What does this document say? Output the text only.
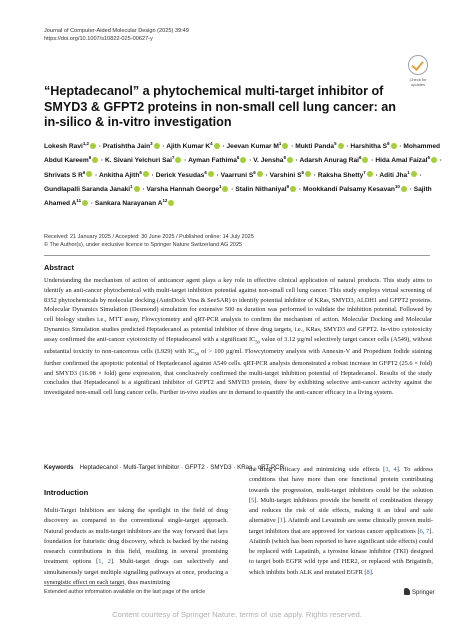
Journal of Computer-Aided Molecular Design (2025) 39:49
https://doi.org/10.1007/s10822-025-00627-y
Check for updates
“Heptadecanol” a phytochemical multi-target inhibitor of SMYD3 & GFPT2 proteins in non-small cell lung cancer: an in-silico & in-vitro investigation
Lokesh Ravi$^{1,2}$ · Pratishtha Jain$^3$ · Ajith Kumar $K^4$ · Jeevan Kumar $M^1$ · Mukti Panda$^5$ · Harshitha $S^6$ · Mohammed Abdul Kareem$^6$ · K. Sivani Yelchuri Sai$^7$ · Ayman Fathima$^6$ · V. Jensha$^8$ · Adarsh Anurag Rai$^6$ · Hida Amal Faizal$^6$ · Shrivats S $R^6$ · Ankitha Ajith$^6$ · Derick Yesudas$^6$ · Vaarruni $S^6$ · Varshini $S^6$ · Raksha Shetty$^7$ · Aditi Jha$^1$ · Gundlapalli Saranda Janaki$^1$ · Varsha Hannah George$^1$ · Stalin Nithaniyal$^9$ · Mookkandi Palsamy Kesavan$^{10}$ · Sajith Ahamed $A^{11}$ · Sankara Narayanan $A^{12}$
Received: 21 January 2025 / Accepted: 30 June 2025 / Published online: 14 July 2025
© The Author(s), under exclusive licence to Springer Nature Switzerland AG 2025
Abstract
Understanding the mechanism of action of anticancer agent plays a key role in effective clinical application of natural products. This study aims to identify an anti-cancer phytochemical with multi-target inhibition potential against non-small cell lung cancer. This study employs virtual screening of 8352 phytochemicals by molecular docking (AutoDock Vina & SeeSAR) to identify potential inhibitor of KRas, SMYD3, ALDH1 and GFPT2 proteins. Molecular Dynamics Simulation (Desmond) simulation for extensive 500 ns duration was performed to validate the inhibition potential. Followed by cell biology studies i.e., MTT assay, Flowcytometry and qRT-PCR analysis to confirm the mechanism of action. Molecular Docking and Molecular Dynamics Simulation studies predicted Heptadecanol as potential inhibitor of three drug targets, i.e., KRas, SMYD3 and GFPT2. In-vitro cytotoxicity assay confirmed the anti-cancer cytotoxicity of Heptadecanol with a significant $IC_{50}$ value of 3.12 µg/ml selectively target cancer cells (A549), without substantial toxicity to non-cancerous cells (L929) with $IC_{50}$ of > 100 µg/ml. Flowcytometry analysis with Annexin-V and Propedium Iodide staining further confirmed the apoptotic potential of Heptadecanol against A549 cells. qRT-PCR analysis demonstrated a robust increase in GFPT2 (25.6 × fold) and SMYD3 (16.98 × fold) gene expression, that conclusively confirmed the multi-target inhibition potential of Heptadecanol. Results of the study concludes that Heptadecanol is a significant inhibitor of GFPT2 and SMYD3 protein, there by exhibiting selective anti-cancer activity against the investigated non-small cell lung cancer cells. Further in-vivo studies are in demand to quantify the anti-cancer efficacy in a living system.
Keywords Heptadecanol · Multi-Target Inhibitor · GFPT2 · SMYD3 · KRas · qRT-PCR
Introduction
Multi-Target Inhibitors are taking the spotlight in the field of drug discovery as compared to the conventional single-target approach. Natural products as multi-target inhibitors are the way forward that lays foundation for futuristic drug discovery, which is backed by the raising research contributions in this field, resulting in several promising treatment options [1, 2]. Multi-target drugs can selectively and simultaneously target multiple signalling pathways at once, producing a synergistic effect on each target, thus maximizing
the drug’s efficacy and minimizing side effects [3, 4]. To address conditions that have more than one functional protein contributing towards the progression, multi-target inhibitors could be the solution [5]. Multi-target inhibitors provide the benefit of combination therapy and reduces the risk of side effects, making it an ideal and safe alternative [1]. Afatinib and Levatinib are some clinically proven multi-target inhibitors that are approved for various cancer applications [6, 7]. Afatinib (which has been reported to have significant side effects) could be replaced with Lapatinib, a tyrosine kinase inhibitor (TKI) designed to target both EGFR wild type and HER2, or replaced with Brigatinib, which inhibits both ALK and mutated EGFR [8].
Extended author information available on the last page of the article	Springer
Content courtesy of Springer Nature, terms of use apply. Rights reserved.
